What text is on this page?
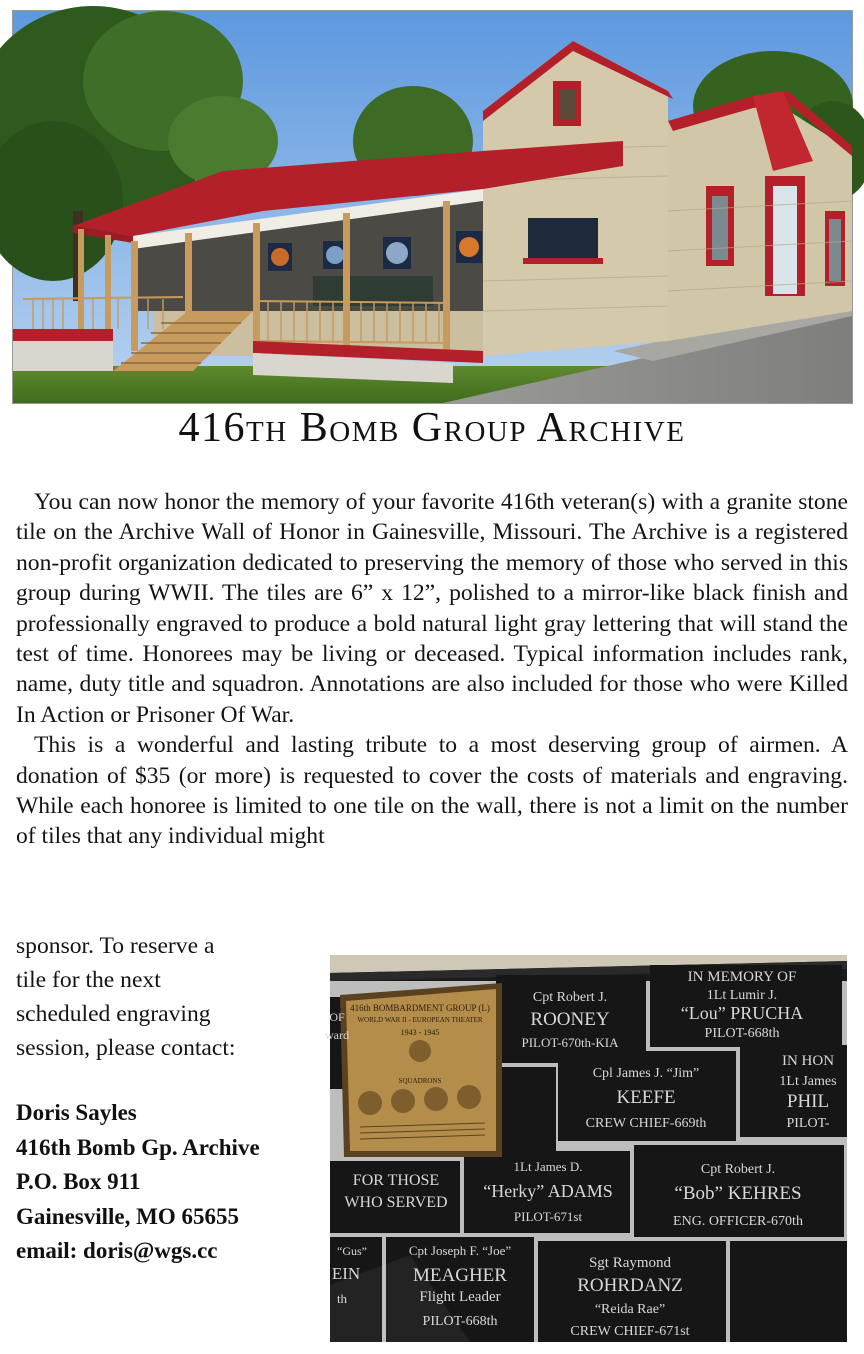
416th Bomb Group Archive

You can now honor the memory of your favorite 416th veteran(s) with a granite stone tile on the Archive Wall of Honor in Gainesville, Missouri. The Archive is a registered non-profit organization dedicated to preserving the memory of those who served in this group during WWII. The tiles are 6” x 12”, polished to a mirror-like black finish and professionally engraved to produce a bold natural light gray lettering that will stand the test of time. Honorees may be living or deceased. Typical information includes rank, name, duty title and squadron. Annotations are also included for those who were Killed In Action or Prisoner Of War.

This is a wonderful and lasting tribute to a most deserving group of airmen. A donation of $35 (or more) is requested to cover the costs of materials and engraving. While each honoree is limited to one tile on the wall, there is not a limit on the number of tiles that any individual might

sponsor. To reserve a
tile for the next
scheduled engraving
session, please contact:
Doris Sayles
416th Bomb Gp. Archive
P.O. Box 911
Gainesville, MO 65655
email: doris@wgs.cc
416th BOMBARDMENT GROUP (L)
WORLD WAR II - EUROPEAN THEATER
1943 - 1945
SQUADRONS
Cpt Robert J.
ROONEY
PILOT-670th-KIA
IN MEMORY OF
1Lt Lumir J.
“Lou” PRUCHA
PILOT-668th
Cpl James J. “Jim”
KEEFE
CREW CHIEF-669th
IN HON
1Lt James
PHIL
PILOT-
FOR THOSE
WHO SERVED
1Lt James D.
“Herky” ADAMS
PILOT-671st
Cpt Robert J.
“Bob” KEHRES
ENG. OFFICER-670th
“Gus”
EIN
th
Cpt Joseph F. “Joe”
MEAGHER
Flight Leader
PILOT-668th
Sgt Raymond
ROHRDANZ
“Reida Rae”
CREW CHIEF-671st
OF
ward
